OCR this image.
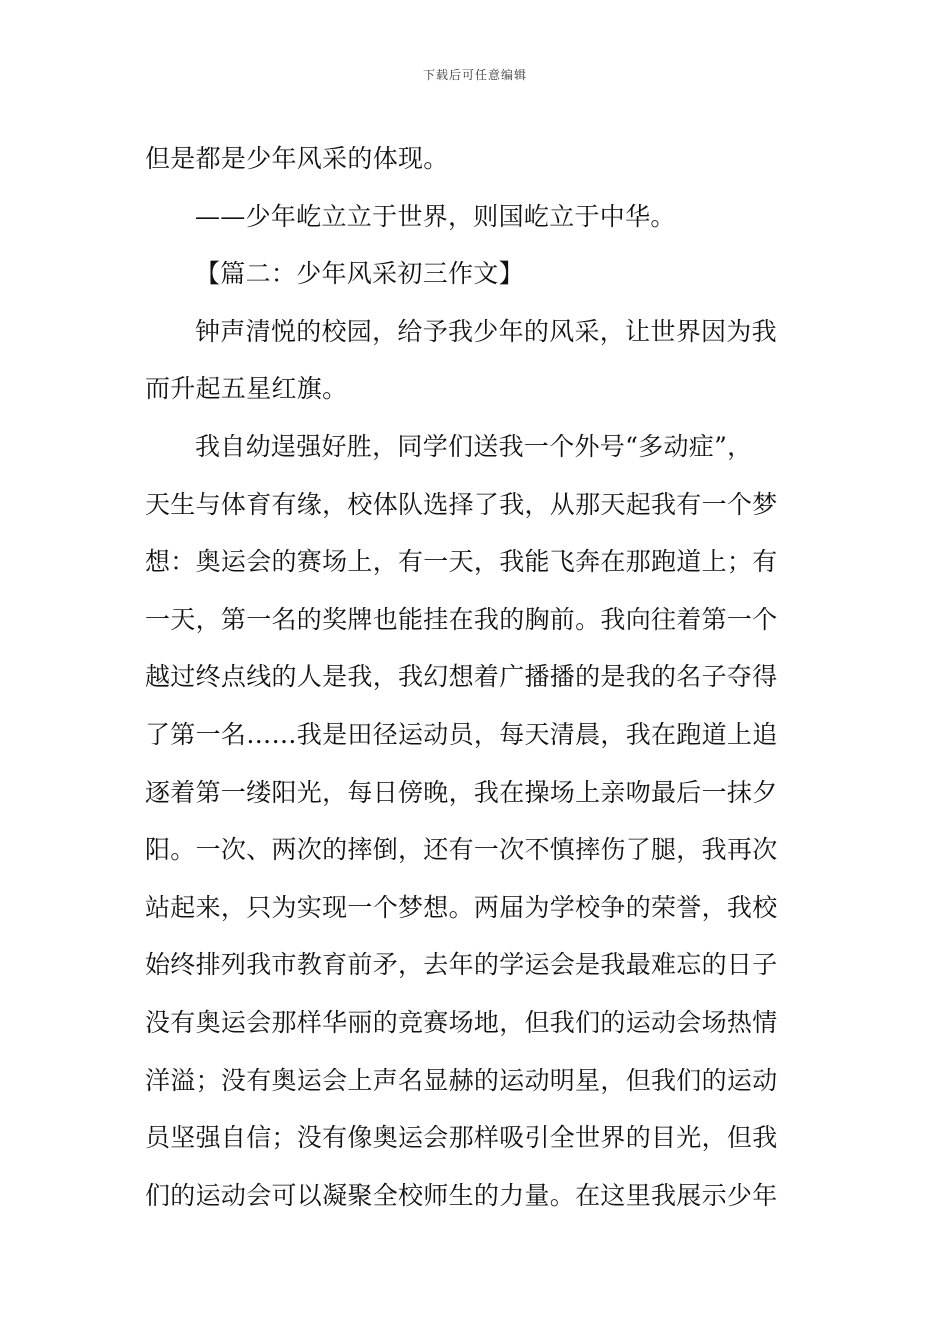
下载后可任意编辑
但是都是少年风采的体现。
——少年屹立立于世界，则国屹立于中华。
【篇二：少年风采初三作文】
钟声清悦的校园，给予我少年的风采，让世界因为我
而升起五星红旗。
我自幼逞强好胜，同学们送我一个外号“多动症”，
天生与体育有缘，校体队选择了我，从那天起我有一个梦
想：奥运会的赛场上，有一天，我能飞奔在那跑道上；有
一天，第一名的奖牌也能挂在我的胸前。我向往着第一个
越过终点线的人是我，我幻想着广播播的是我的名子夺得
了第一名……我是田径运动员，每天清晨，我在跑道上追
逐着第一缕阳光，每日傍晚，我在操场上亲吻最后一抹夕
阳。一次、两次的摔倒，还有一次不慎摔伤了腿，我再次
站起来，只为实现一个梦想。两届为学校争的荣誉，我校
始终排列我市教育前矛，去年的学运会是我最难忘的日子
没有奥运会那样华丽的竞赛场地，但我们的运动会场热情
洋溢；没有奥运会上声名显赫的运动明星，但我们的运动
员坚强自信；没有像奥运会那样吸引全世界的目光，但我
们的运动会可以凝聚全校师生的力量。在这里我展示少年
